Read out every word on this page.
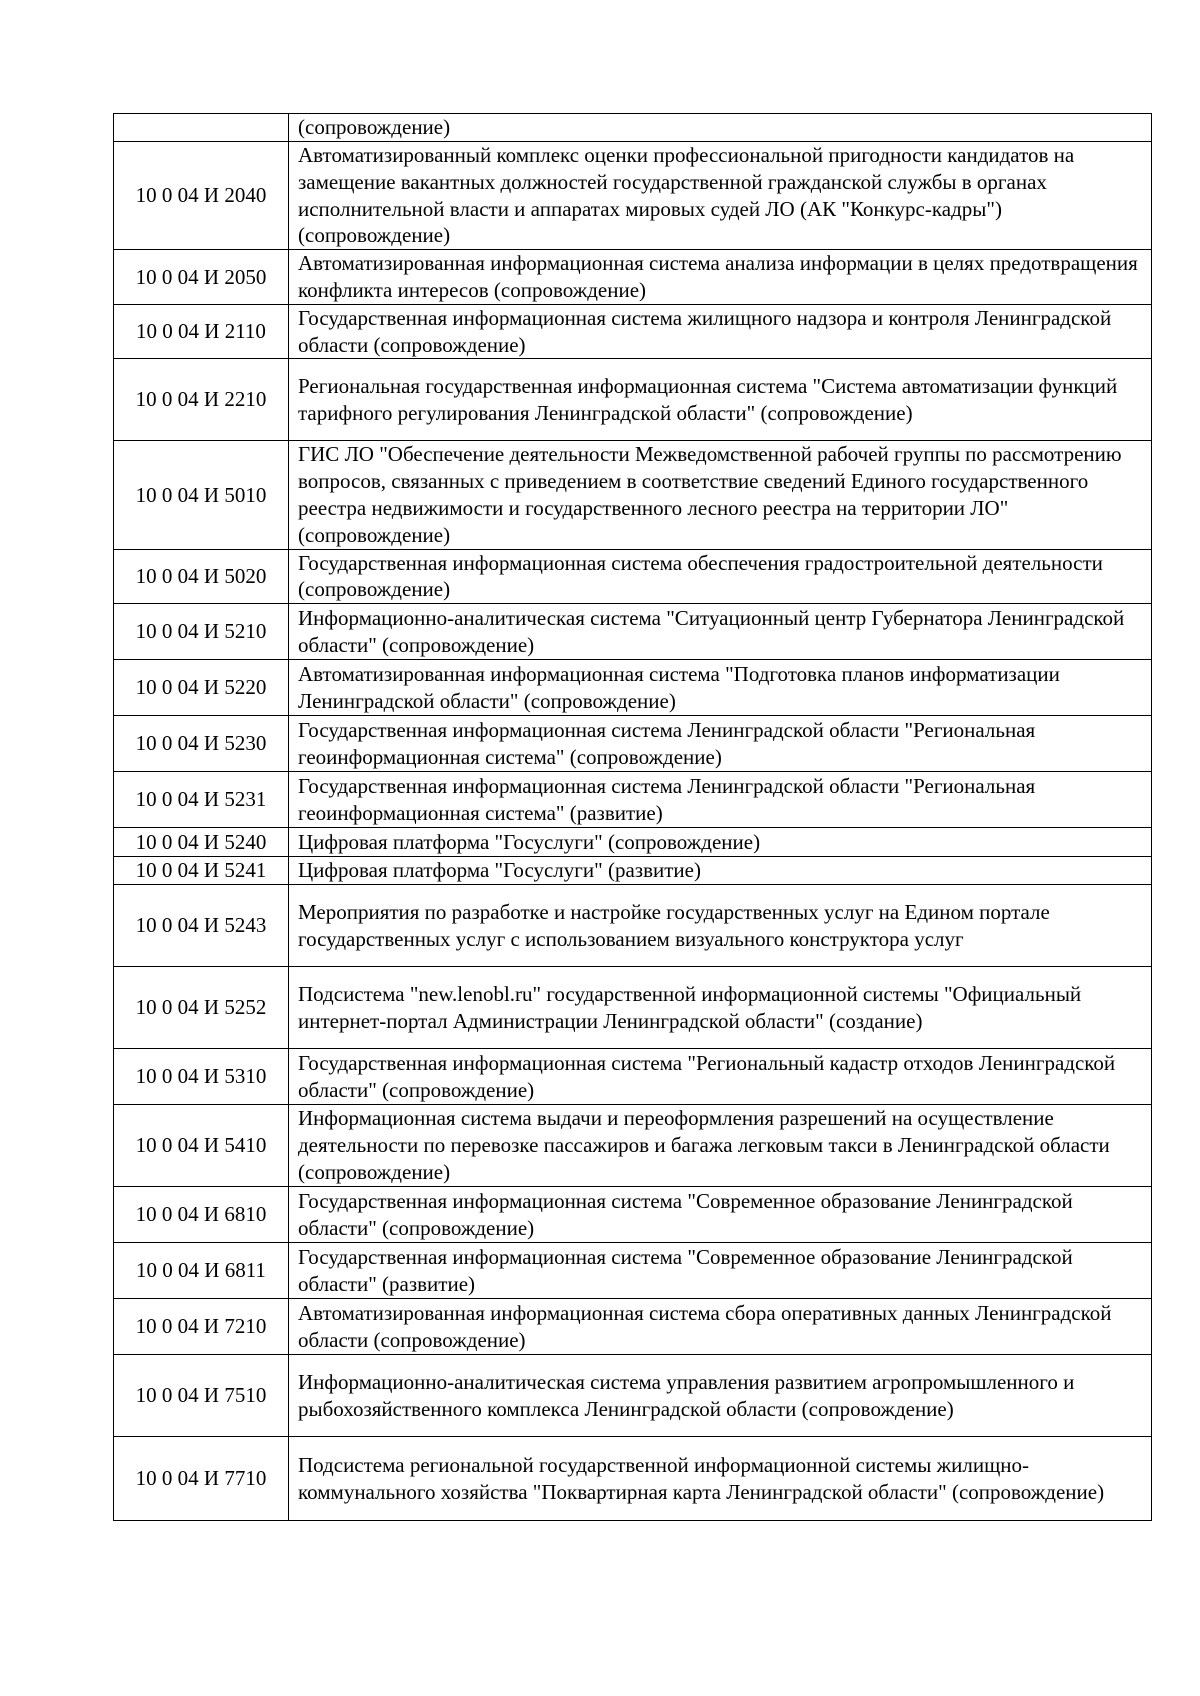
	(сопровождение)
10 0 04 И 2040	Автоматизированный комплекс оценки профессиональной пригодности кандидатов на замещение вакантных должностей государственной гражданской службы в органах исполнительной власти и аппаратах мировых судей ЛО (АК "Конкурс-кадры") (сопровождение)
10 0 04 И 2050	Автоматизированная информационная система анализа информации в целях предотвращения конфликта интересов (сопровождение)
10 0 04 И 2110	Государственная информационная система жилищного надзора и контроля Ленинградской области (сопровождение)
10 0 04 И 2210	Региональная государственная информационная система "Система автоматизации функций тарифного регулирования Ленинградской области" (сопровождение)
10 0 04 И 5010	ГИС ЛО "Обеспечение деятельности Межведомственной рабочей группы по рассмотрению вопросов, связанных с приведением в соответствие сведений Единого государственного реестра недвижимости и государственного лесного реестра на территории ЛО" (сопровождение)
10 0 04 И 5020	Государственная информационная система обеспечения градостроительной деятельности (сопровождение)
10 0 04 И 5210	Информационно-аналитическая система "Ситуационный центр Губернатора Ленинградской области" (сопровождение)
10 0 04 И 5220	Автоматизированная информационная система "Подготовка планов информатизации Ленинградской области" (сопровождение)
10 0 04 И 5230	Государственная информационная система Ленинградской области "Региональная геоинформационная система" (сопровождение)
10 0 04 И 5231	Государственная информационная система Ленинградской области "Региональная геоинформационная система" (развитие)
10 0 04 И 5240	Цифровая платформа "Госуслуги" (сопровождение)
10 0 04 И 5241	Цифровая платформа "Госуслуги" (развитие)
10 0 04 И 5243	Мероприятия по разработке и настройке государственных услуг на Едином портале государственных услуг с использованием визуального конструктора услуг
10 0 04 И 5252	Подсистема "new.lenobl.ru" государственной информационной системы "Официальный интернет-портал Администрации Ленинградской области" (создание)
10 0 04 И 5310	Государственная информационная система "Региональный кадастр отходов Ленинградской области" (сопровождение)
10 0 04 И 5410	Информационная система выдачи и переоформления разрешений на осуществление деятельности по перевозке пассажиров и багажа легковым такси в Ленинградской области (сопровождение)
10 0 04 И 6810	Государственная информационная система "Современное образование Ленинградской области" (сопровождение)
10 0 04 И 6811	Государственная информационная система "Современное образование Ленинградской области" (развитие)
10 0 04 И 7210	Автоматизированная информационная система сбора оперативных данных Ленинградской области (сопровождение)
10 0 04 И 7510	Информационно-аналитическая система управления развитием агропромышленного и рыбохозяйственного комплекса Ленинградской области (сопровождение)
10 0 04 И 7710	Подсистема региональной государственной информационной системы жилищно-коммунального хозяйства "Поквартирная карта Ленинградской области" (сопровождение)
